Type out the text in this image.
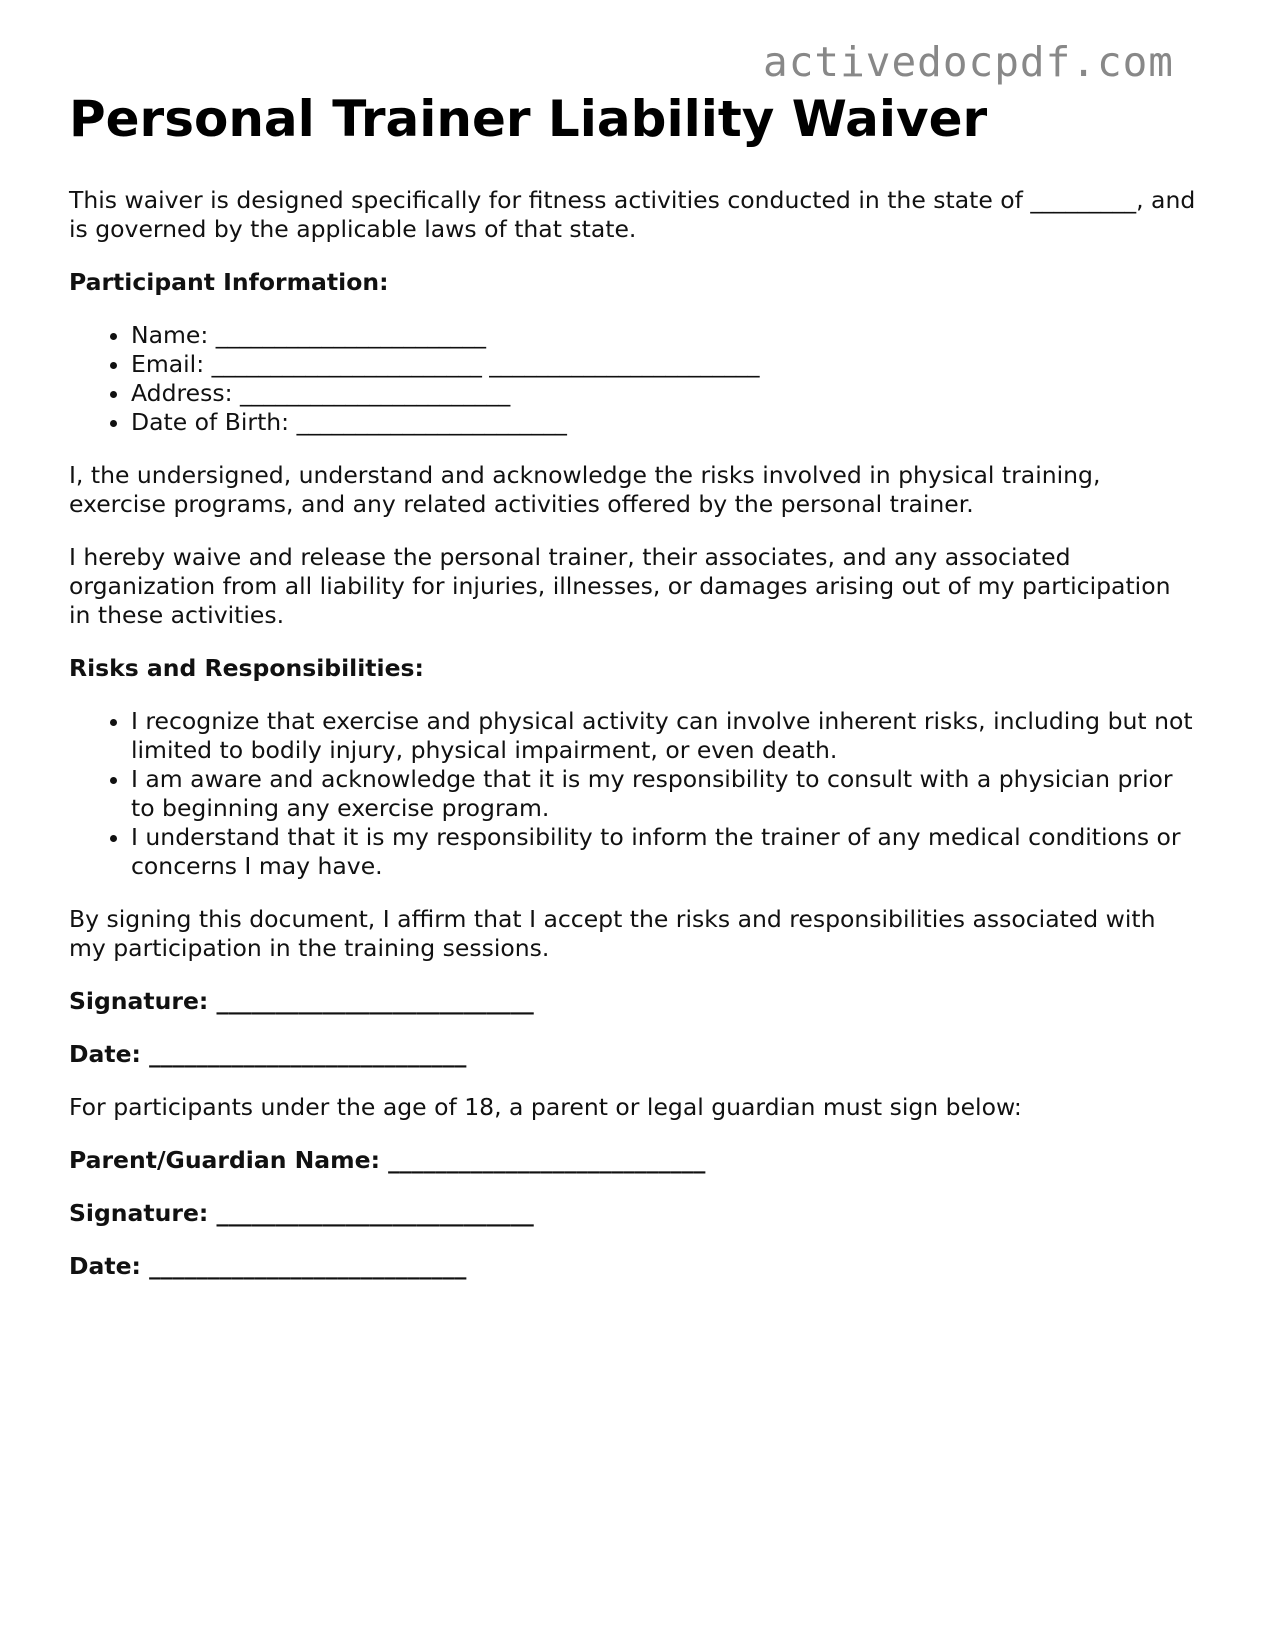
activedocpdf.com
Personal Trainer Liability Waiver

This waiver is designed specifically for fitness activities conducted in the state of _________, and is governed by the applicable laws of that state.

Participant Information:

• Name: _______________________
• Email: _______________________ _______________________
• Address: _______________________
• Date of Birth: _______________________

I, the undersigned, understand and acknowledge the risks involved in physical training, exercise programs, and any related activities offered by the personal trainer.

I hereby waive and release the personal trainer, their associates, and any associated organization from all liability for injuries, illnesses, or damages arising out of my participation in these activities.

Risks and Responsibilities:

• I recognize that exercise and physical activity can involve inherent risks, including but not limited to bodily injury, physical impairment, or even death.
• I am aware and acknowledge that it is my responsibility to consult with a physician prior to beginning any exercise program.
• I understand that it is my responsibility to inform the trainer of any medical conditions or concerns I may have.

By signing this document, I affirm that I accept the risks and responsibilities associated with my participation in the training sessions.

Signature: ___________________________

Date: ___________________________

For participants under the age of 18, a parent or legal guardian must sign below:

Parent/Guardian Name: ___________________________

Signature: ___________________________

Date: ___________________________
